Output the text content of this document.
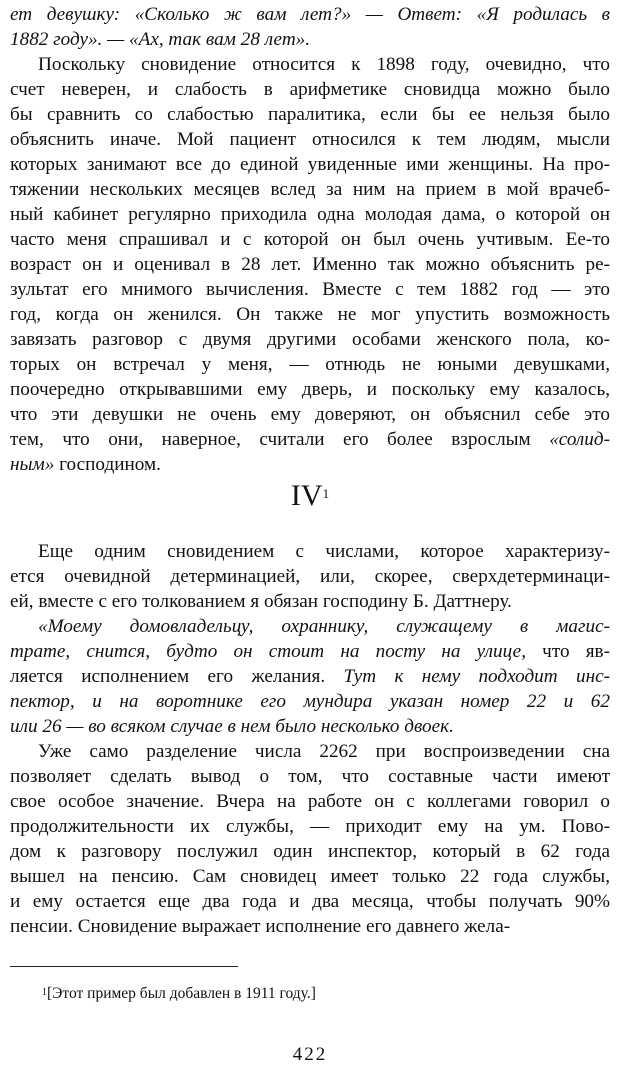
ет девушку: «Сколько ж вам лет?» — Ответ: «Я родилась в
1882 году». — «Ах, так вам 28 лет».
Поскольку сновидение относится к 1898 году, очевидно, что
счет неверен, и слабость в арифметике сновидца можно было
бы сравнить со слабостью паралитика, если бы ее нельзя было
объяснить иначе. Мой пациент относился к тем людям, мысли
которых занимают все до единой увиденные ими женщины. На про-
тяжении нескольких месяцев вслед за ним на прием в мой врачеб-
ный кабинет регулярно приходила одна молодая дама, о которой он
часто меня спрашивал и с которой он был очень учтивым. Ее-то
возраст он и оценивал в 28 лет. Именно так можно объяснить ре-
зультат его мнимого вычисления. Вместе с тем 1882 год — это
год, когда он женился. Он также не мог упустить возможность
завязать разговор с двумя другими особами женского пола, ко-
торых он встречал у меня, — отнюдь не юными девушками,
поочередно открывавшими ему дверь, и поскольку ему казалось,
что эти девушки не очень ему доверяют, он объяснил себе это
тем, что они, наверное, считали его более взрослым «солид-
ным» господином.
$IV^1$
Еще одним сновидением с числами, которое характеризу-
ется очевидной детерминацией, или, скорее, сверхдетерминаци-
ей, вместе с его толкованием я обязан господину Б. Даттнеру.
«Моему домовладельцу, охраннику, служащему в магис-
трате, снится, будто он стоит на посту на улице, что яв-
ляется исполнением его желания. Тут к нему подходит инс-
пектор, и на воротнике его мундира указан номер 22 и 62
или 26 — во всяком случае в нем было несколько двоек.
Уже само разделение числа 2262 при воспроизведении сна
позволяет сделать вывод о том, что составные части имеют
свое особое значение. Вчера на работе он с коллегами говорил о
продолжительности их службы, — приходит ему на ум. Пово-
дом к разговору послужил один инспектор, который в 62 года
вышел на пенсию. Сам сновидец имеет только 22 года службы,
и ему остается еще два года и два месяца, чтобы получать 90%
пенсии. Сновидение выражает исполнение его давнего жела-
$^1$[Этот пример был добавлен в 1911 году.]
422
